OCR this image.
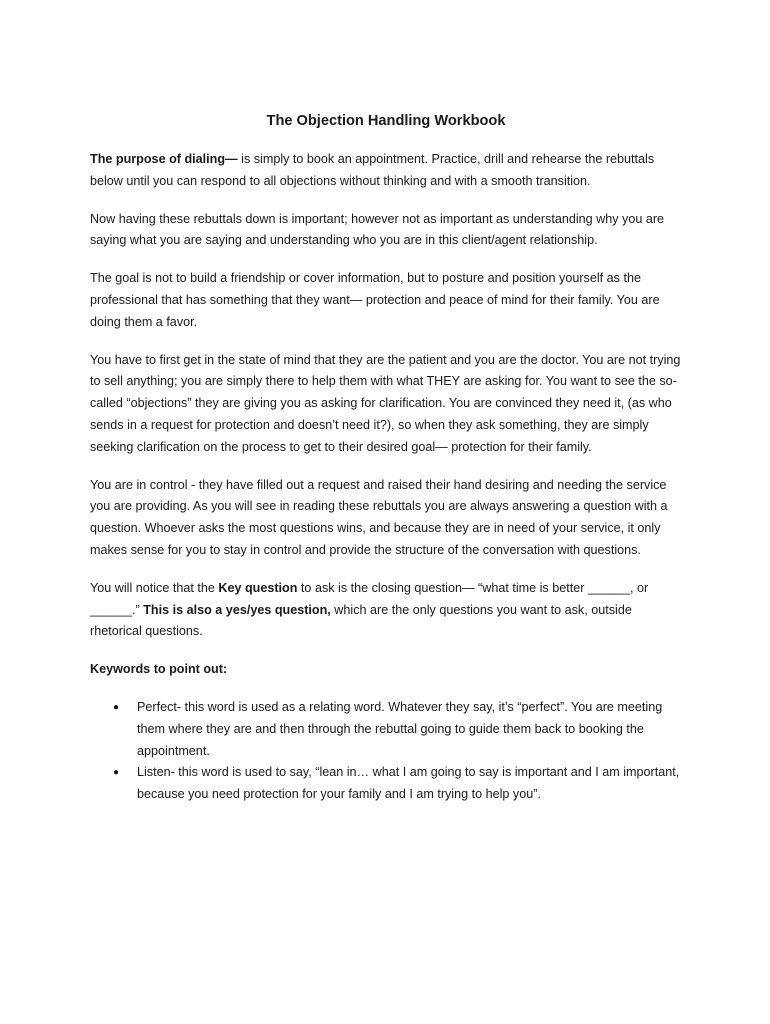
The Objection Handling Workbook

The purpose of dialing— is simply to book an appointment. Practice, drill and rehearse the rebuttals below until you can respond to all objections without thinking and with a smooth transition.

Now having these rebuttals down is important; however not as important as understanding why you are saying what you are saying and understanding who you are in this client/agent relationship.

The goal is not to build a friendship or cover information, but to posture and position yourself as the professional that has something that they want— protection and peace of mind for their family. You are doing them a favor.

You have to first get in the state of mind that they are the patient and you are the doctor. You are not trying to sell anything; you are simply there to help them with what THEY are asking for. You want to see the so-called “objections” they are giving you as asking for clarification. You are convinced they need it, (as who sends in a request for protection and doesn’t need it?), so when they ask something, they are simply seeking clarification on the process to get to their desired goal— protection for their family.

You are in control - they have filled out a request and raised their hand desiring and needing the service you are providing. As you will see in reading these rebuttals you are always answering a question with a question. Whoever asks the most questions wins, and because they are in need of your service, it only makes sense for you to stay in control and provide the structure of the conversation with questions.

You will notice that the Key question to ask is the closing question— “what time is better ______, or ______.” This is also a yes/yes question, which are the only questions you want to ask, outside rhetorical questions.

Keywords to point out:

● Perfect- this word is used as a relating word. Whatever they say, it’s “perfect”. You are meeting them where they are and then through the rebuttal going to guide them back to booking the appointment.
● Listen- this word is used to say, “lean in… what I am going to say is important and I am important, because you need protection for your family and I am trying to help you”.
